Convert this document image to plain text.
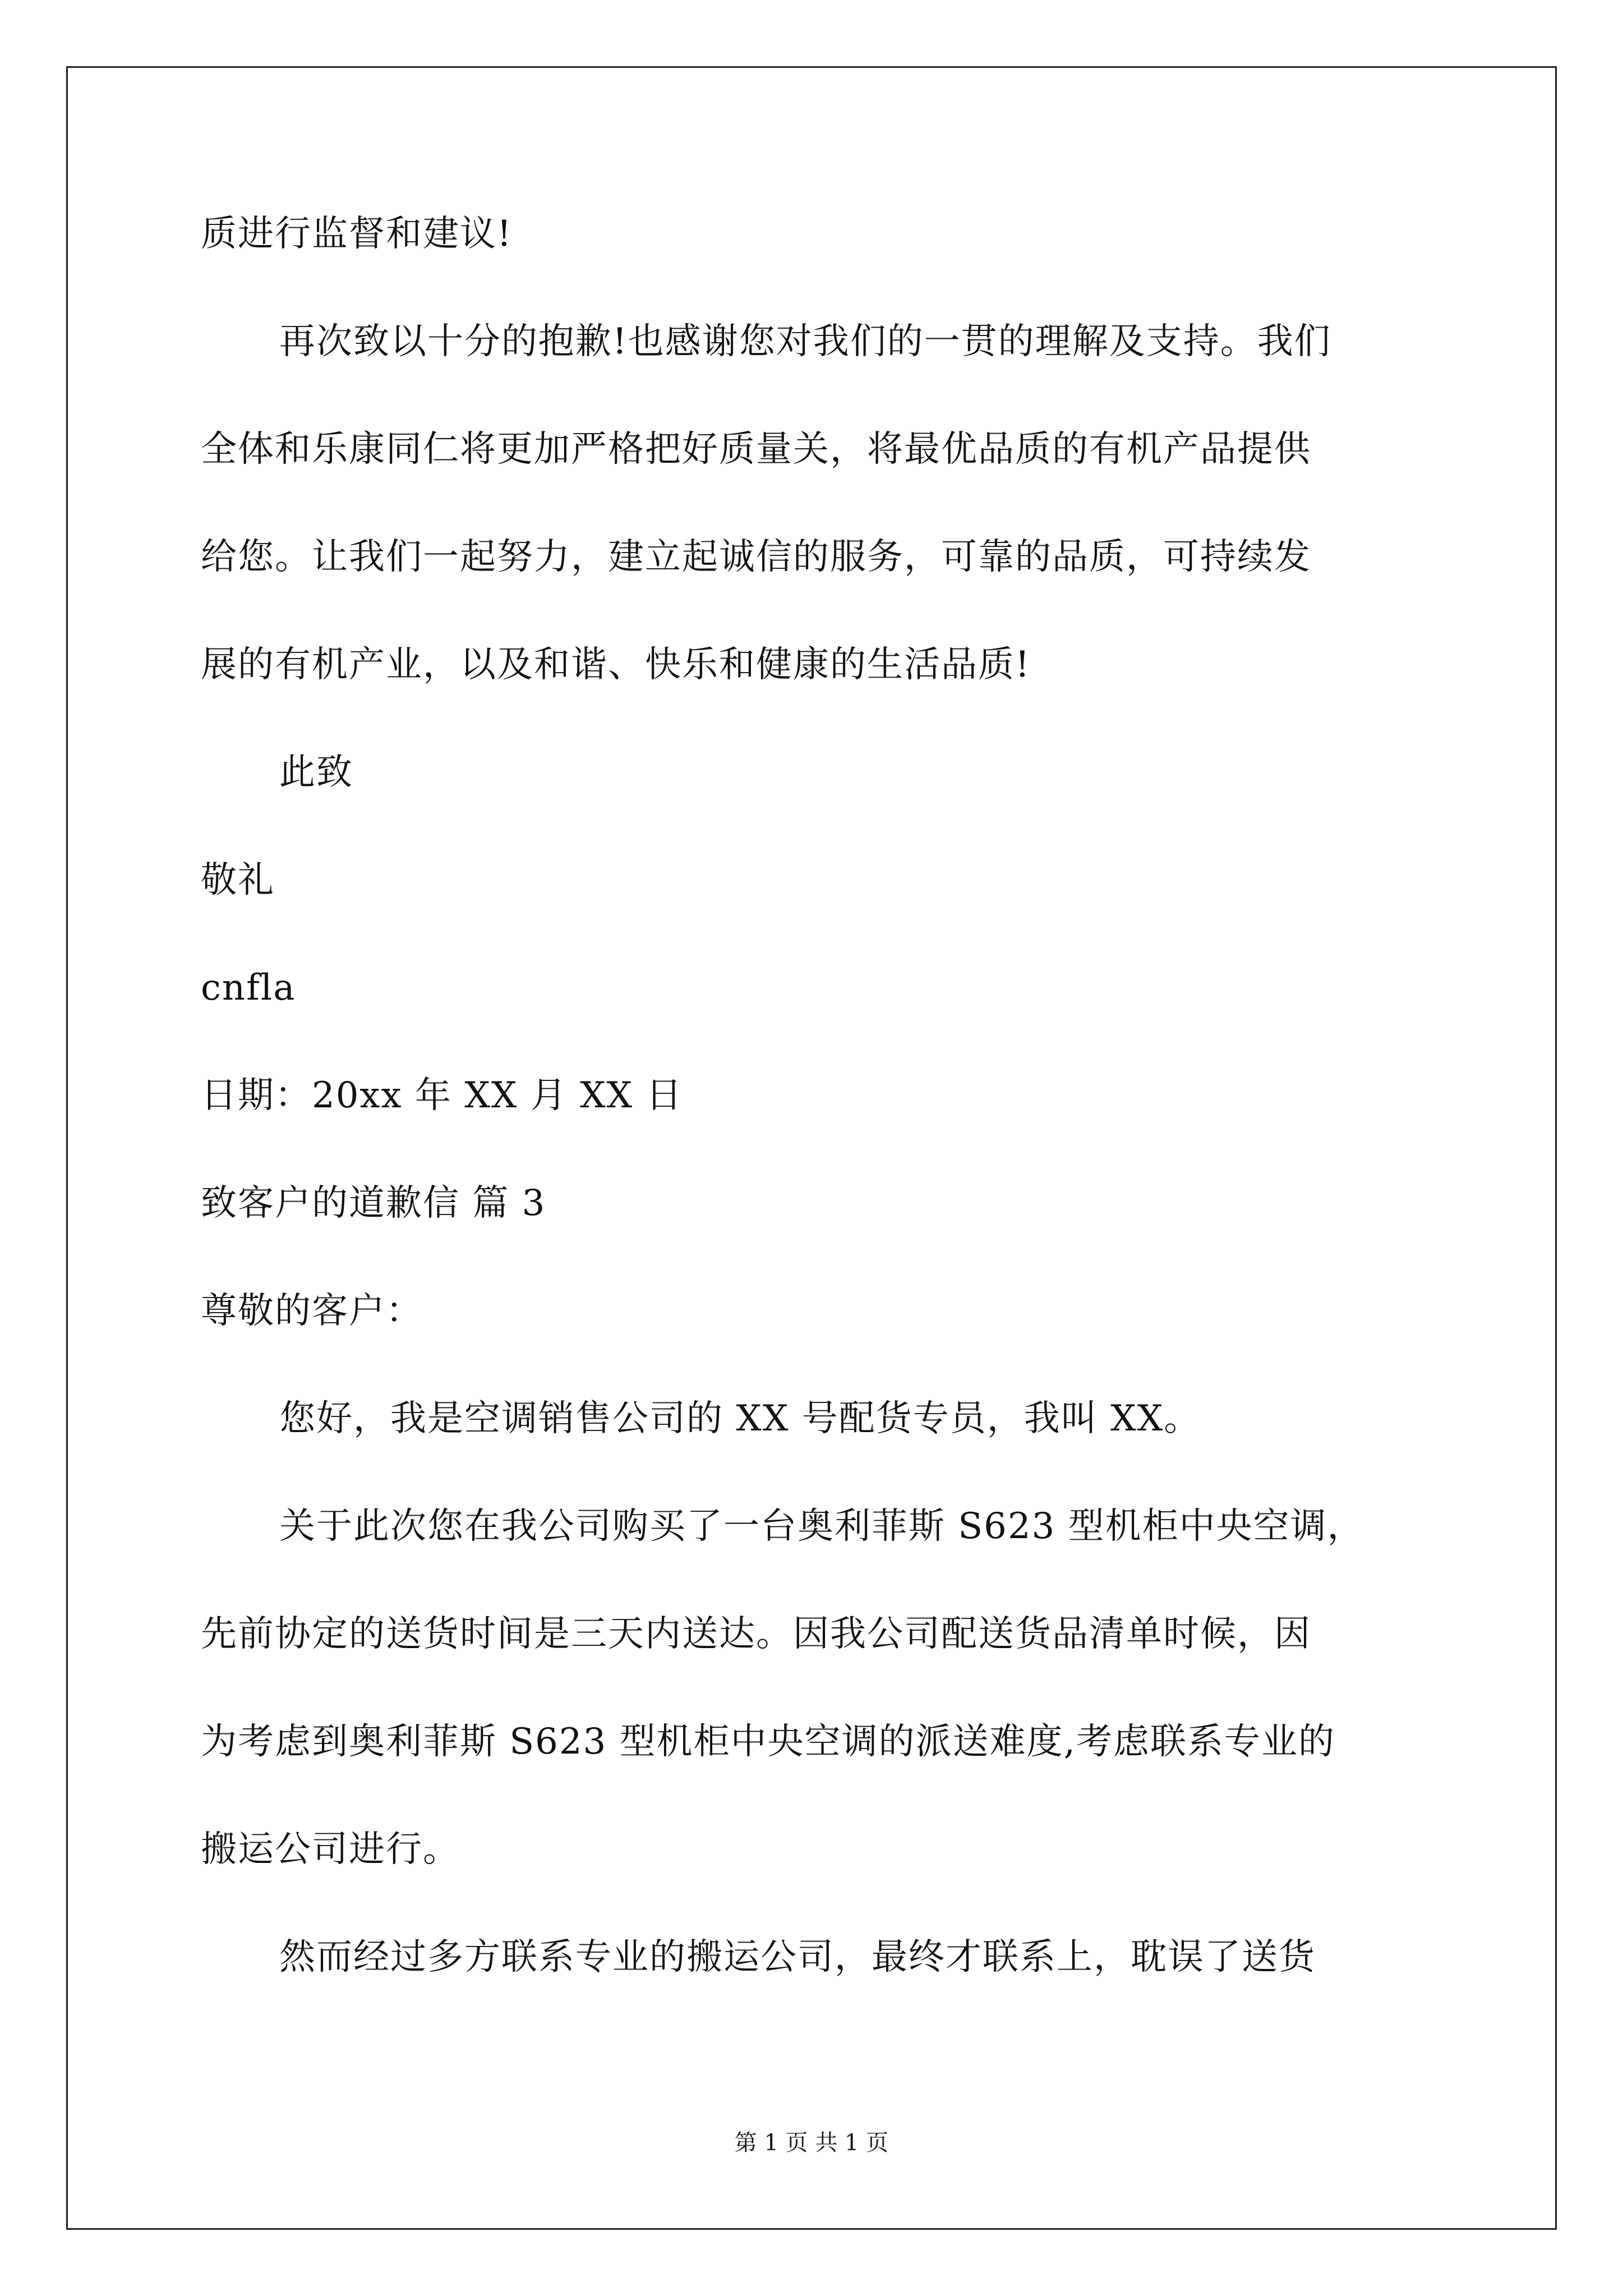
质进行监督和建议!
再次致以十分的抱歉!也感谢您对我们的一贯的理解及支持。我们
全体和乐康同仁将更加严格把好质量关，将最优品质的有机产品提供
给您。让我们一起努力，建立起诚信的服务，可靠的品质，可持续发
展的有机产业，以及和谐、快乐和健康的生活品质!
此致
敬礼
cnfla
日期：20xx 年 XX 月 XX 日
致客户的道歉信 篇 3
尊敬的客户：
您好，我是空调销售公司的 XX 号配货专员，我叫 XX。
关于此次您在我公司购买了一台奥利菲斯 S623 型机柜中央空调，
先前协定的送货时间是三天内送达。因我公司配送货品清单时候，因
为考虑到奥利菲斯 S623 型机柜中央空调的派送难度,考虑联系专业的
搬运公司进行。
然而经过多方联系专业的搬运公司，最终才联系上，耽误了送货
第 1 页 共 1 页
